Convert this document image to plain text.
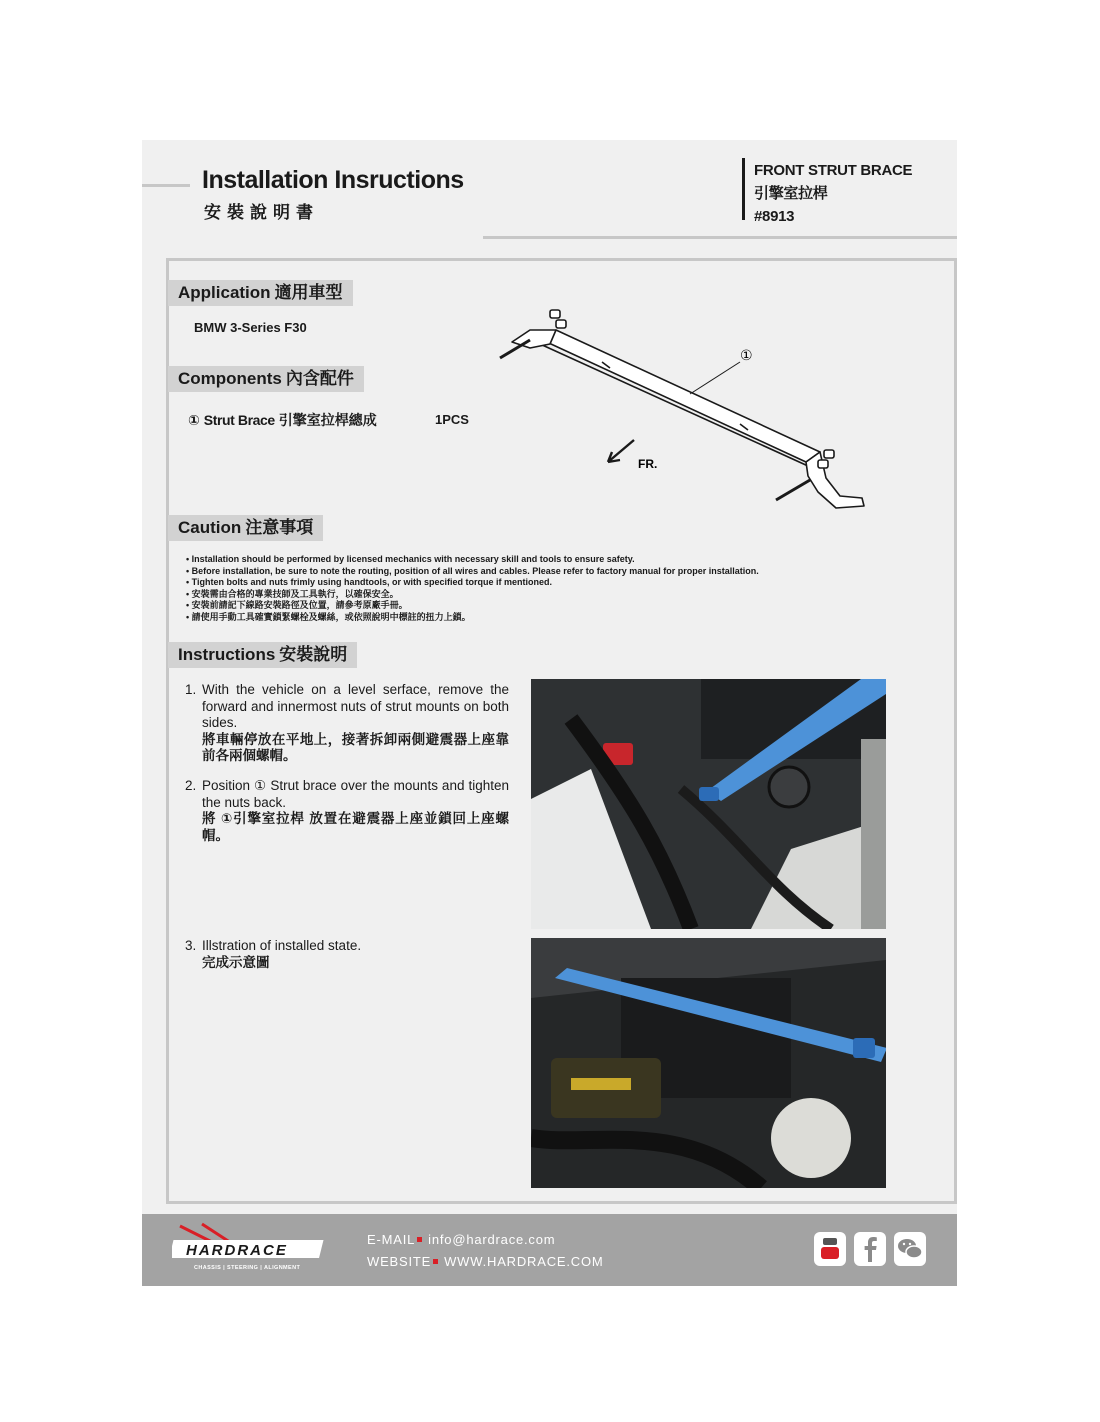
Installation Insructions
安裝說明書
FRONT STRUT BRACE
引擎室拉桿
#8913
Application 適用車型
BMW 3-Series F30
Components 內含配件
① Strut Brace 引擎室拉桿總成	1PCS
①
FR.
Caution 注意事項
• Installation should be performed by licensed mechanics with necessary skill and tools to ensure safety.
• Before installation, be sure to note the routing, position of all wires and cables. Please refer to factory manual for proper installation.
• Tighten bolts and nuts frimly using handtools, or with specified torque if mentioned.
• 安裝需由合格的專業技師及工具執行，以確保安全。
• 安裝前請記下線路安裝路徑及位置，請參考原廠手冊。
• 請使用手動工具確實鎖緊螺栓及螺絲，或依照說明中標註的扭力上鎖。
Instructions 安裝說明
1. With the vehicle on a level serface, remove the forward and innermost nuts of strut mounts on both sides.
將車輛停放在平地上，接著拆卸兩側避震器上座靠前各兩個螺帽。
2. Position ① Strut brace over the mounts and tighten the nuts back.
將 ①引擎室拉桿 放置在避震器上座並鎖回上座螺帽。
3. Illstration of installed state.
完成示意圖
HARDRACE
CHASSIS | STEERING | ALIGNMENT
E-MAIL info@hardrace.com
WEBSITE WWW.HARDRACE.COM
